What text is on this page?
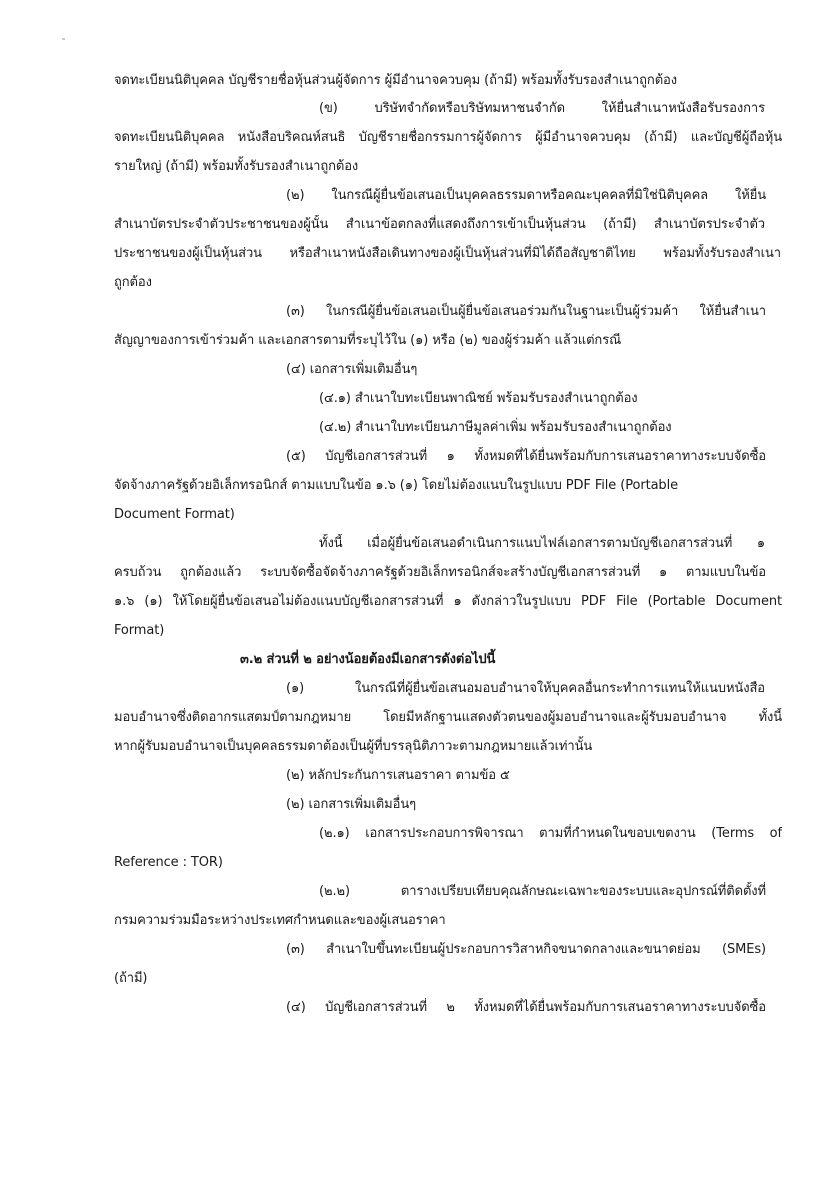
จดทะเบียนนิติบุคคล บัญชีรายชื่อหุ้นส่วนผู้จัดการ ผู้มีอำนาจควบคุม (ถ้ามี) พร้อมทั้งรับรองสำเนาถูกต้อง
(ข) บริษัทจำกัดหรือบริษัทมหาชนจำกัด ให้ยื่นสำเนาหนังสือรับรองการ
จดทะเบียนนิติบุคคล หนังสือบริคณห์สนธิ บัญชีรายชื่อกรรมการผู้จัดการ ผู้มีอำนาจควบคุม (ถ้ามี) และบัญชีผู้ถือหุ้น
รายใหญ่ (ถ้ามี) พร้อมทั้งรับรองสำเนาถูกต้อง
(๒) ในกรณีผู้ยื่นข้อเสนอเป็นบุคคลธรรมดาหรือคณะบุคคลที่มิใช่นิติบุคคล ให้ยื่น
สำเนาบัตรประจำตัวประชาชนของผู้นั้น สำเนาข้อตกลงที่แสดงถึงการเข้าเป็นหุ้นส่วน (ถ้ามี) สำเนาบัตรประจำตัว
ประชาชนของผู้เป็นหุ้นส่วน หรือสำเนาหนังสือเดินทางของผู้เป็นหุ้นส่วนที่มิได้ถือสัญชาติไทย พร้อมทั้งรับรองสำเนา
ถูกต้อง
(๓) ในกรณีผู้ยื่นข้อเสนอเป็นผู้ยื่นข้อเสนอร่วมกันในฐานะเป็นผู้ร่วมค้า ให้ยื่นสำเนา
สัญญาของการเข้าร่วมค้า และเอกสารตามที่ระบุไว้ใน (๑) หรือ (๒) ของผู้ร่วมค้า แล้วแต่กรณี
(๔) เอกสารเพิ่มเติมอื่นๆ
(๔.๑) สำเนาใบทะเบียนพาณิชย์ พร้อมรับรองสำเนาถูกต้อง
(๔.๒) สำเนาใบทะเบียนภาษีมูลค่าเพิ่ม พร้อมรับรองสำเนาถูกต้อง
(๕) บัญชีเอกสารส่วนที่ ๑ ทั้งหมดที่ได้ยื่นพร้อมกับการเสนอราคาทางระบบจัดซื้อ
จัดจ้างภาครัฐด้วยอิเล็กทรอนิกส์ ตามแบบในข้อ ๑.๖ (๑) โดยไม่ต้องแนบในรูปแบบ PDF File (Portable
Document Format)
ทั้งนี้ เมื่อผู้ยื่นข้อเสนอดำเนินการแนบไฟล์เอกสารตามบัญชีเอกสารส่วนที่ ๑
ครบถ้วน ถูกต้องแล้ว ระบบจัดซื้อจัดจ้างภาครัฐด้วยอิเล็กทรอนิกส์จะสร้างบัญชีเอกสารส่วนที่ ๑ ตามแบบในข้อ
๑.๖ (๑) ให้โดยผู้ยื่นข้อเสนอไม่ต้องแนบบัญชีเอกสารส่วนที่ ๑ ดังกล่าวในรูปแบบ PDF File (Portable Document
Format)
๓.๒ ส่วนที่ ๒ อย่างน้อยต้องมีเอกสารดังต่อไปนี้
(๑) ในกรณีที่ผู้ยื่นข้อเสนอมอบอำนาจให้บุคคลอื่นกระทำการแทนให้แนบหนังสือ
มอบอำนาจซึ่งติดอากรแสตมป์ตามกฎหมาย โดยมีหลักฐานแสดงตัวตนของผู้มอบอำนาจและผู้รับมอบอำนาจ ทั้งนี้
หากผู้รับมอบอำนาจเป็นบุคคลธรรมดาต้องเป็นผู้ที่บรรลุนิติภาวะตามกฎหมายแล้วเท่านั้น
(๒) หลักประกันการเสนอราคา ตามข้อ ๕
(๒) เอกสารเพิ่มเติมอื่นๆ
(๒.๑) เอกสารประกอบการพิจารณา ตามที่กำหนดในขอบเขตงาน (Terms of
Reference : TOR)
(๒.๒) ตารางเปรียบเทียบคุณลักษณะเฉพาะของระบบและอุปกรณ์ที่ติดตั้งที่
กรมความร่วมมือระหว่างประเทศกำหนดและของผู้เสนอราคา
(๓) สำเนาใบขึ้นทะเบียนผู้ประกอบการวิสาหกิจขนาดกลางและขนาดย่อม (SMEs)
(ถ้ามี)
(๔) บัญชีเอกสารส่วนที่ ๒ ทั้งหมดที่ได้ยื่นพร้อมกับการเสนอราคาทางระบบจัดซื้อ
